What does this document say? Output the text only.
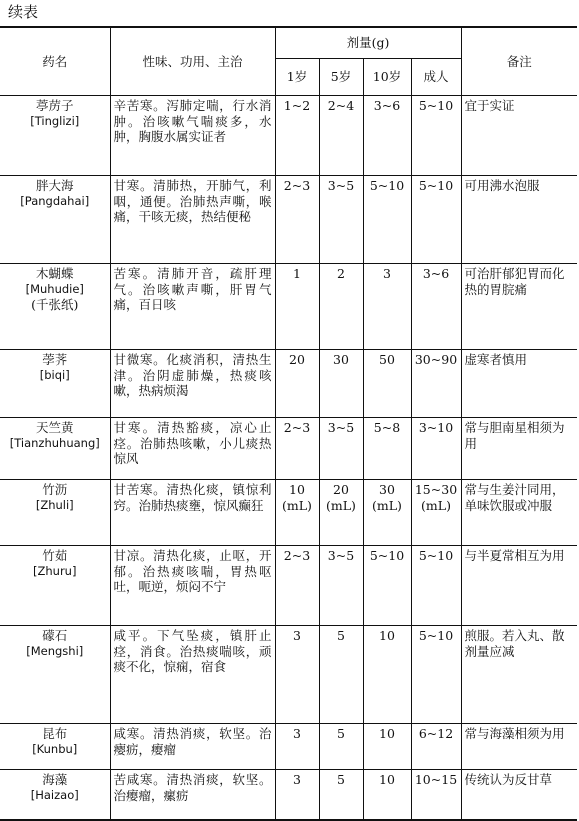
续表
药名	性味、功用、主治	剂量(g)				备注
		1岁	5岁	10岁	成人	

葶苈子
[Tinglizi]	辛苦寒。泻肺定喘，行水消肿。治咳嗽气喘痰多，水肿，胸腹水属实证者	1~2	2~4	3~6	5~10	宜于实证

胖大海
[Pangdahai]	甘寒。清肺热，开肺气，利咽，通便。治肺热声嘶，喉痛，干咳无痰，热结便秘	2~3	3~5	5~10	5~10	可用沸水泡服

木蝴蝶
[Muhudie]
(千张纸)	苦寒。清肺开音，疏肝理气。治咳嗽声嘶，肝胃气痛，百日咳	1	2	3	3~6	可治肝郁犯胃而化热的胃脘痛

荸荠
[biqi]	甘微寒。化痰消积，清热生津。治阴虚肺燥，热痰咳嗽，热病烦渴	20	30	50	30~90	虚寒者慎用

天竺黄
[Tianzhuhuang]	甘寒。清热豁痰，凉心止痉。治肺热咳嗽，小儿痰热惊风	2~3	3~5	5~8	3~10	常与胆南星相须为用

竹沥
[Zhuli]	甘苦寒。清热化痰，镇惊利窍。治肺热痰壅，惊风癫狂	10
(mL)	20
(mL)	30
(mL)	15~30
(mL)	常与生姜汁同用，单味饮服或冲服

竹茹
[Zhuru]	甘凉。清热化痰，止呕，开郁。治热痰咳喘，胃热呕吐，呃逆，烦闷不宁	2~3	3~5	5~10	5~10	与半夏常相互为用

礞石
[Mengshi]	咸平。下气坠痰，镇肝止痉，消食。治热痰喘咳，顽痰不化，惊痫，宿食	3	5	10	5~10	煎服。若入丸、散剂量应减

昆布
[Kunbu]	咸寒。清热消痰，软坚。治瘿疬，瘿瘤	3	5	10	6~12	常与海藻相须为用

海藻
[Haizao]	苦咸寒。清热消痰，软坚。治瘿瘤，瘰疬	3	5	10	10~15	传统认为反甘草
